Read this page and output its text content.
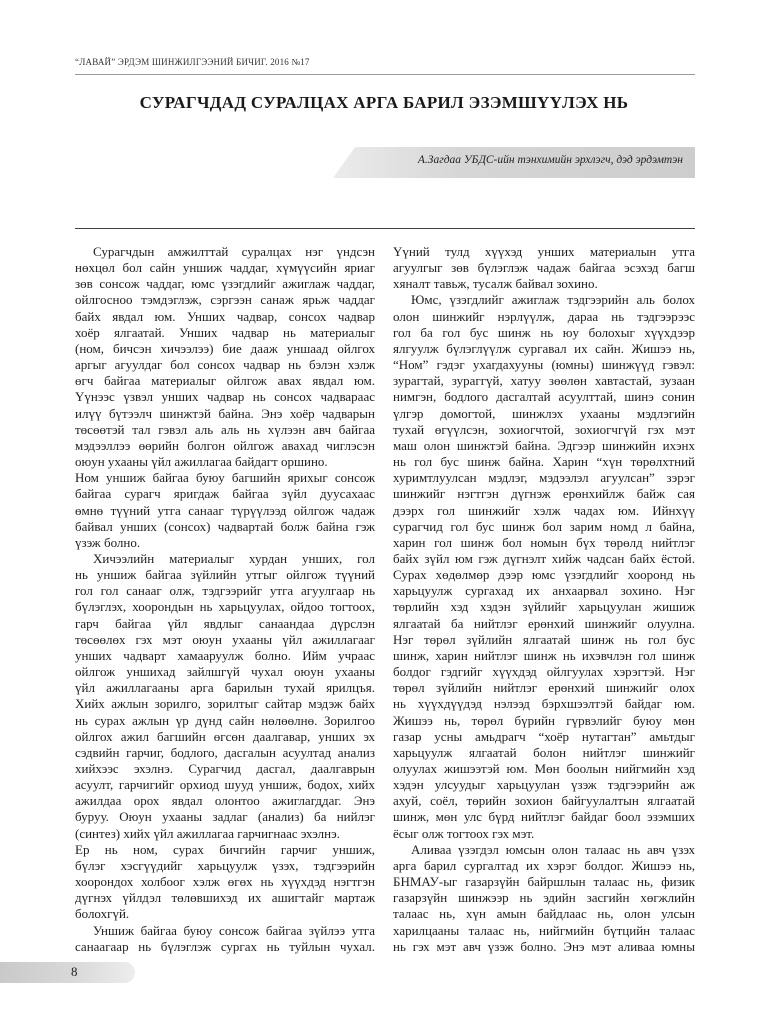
“ЛАВАЙ” ЭРДЭМ ШИНЖИЛГЭЭНИЙ БИЧИГ. 2016 №17
СУРАГЧДАД СУРАЛЦАХ АРГА БАРИЛ ЭЗЭМШҮҮЛЭХ НЬ
А.Загдаа УБДС-ийн тэнхимийн эрхлэгч, дэд эрдэмтэн
Сурагчдын амжилттай суралцах нэг үндсэн
нөхцөл бол сайн уншиж чаддаг, хүмүүсийн яриаг
зөв сонсож чаддаг, юмс үзэгдлийг ажиглаж чаддаг,
ойлгосноо тэмдэглэж, сэргээн санаж ярьж чаддаг
байх явдал юм. Унших чадвар, сонсох чадвар
хоёр ялгаатай. Унших чадвар нь материалыг
(ном, бичсэн хичээлээ) бие дааж уншаад ойлгох
аргыг агуулдаг бол сонсох чадвар нь бэлэн хэлж
өгч байгаа материалыг ойлгож авах явдал юм.
Үүнээс үзвэл унших чадвар нь сонсох чадвараас
илүү бүтээлч шинжтэй байна. Энэ хоёр чадварын
төсөөтэй тал гэвэл аль аль нь хүлээн авч байгаа
мэдээллээ өөрийн болгон ойлгож авахад чиглэсэн
оюун ухааны үйл ажиллагаа байдагт оршино.
Ном уншиж байгаа буюу багшийн ярихыг сонсож
байгаа сурагч яригдаж байгаа зүйл дуусахаас
өмнө түүний утга санааг түрүүлээд ойлгож чадаж
байвал унших (сонсох) чадвартай болж байна гэж
үзэж болно.
Хичээлийн материалыг хурдан унших, гол
нь уншиж байгаа зүйлийн утгыг ойлгож түүний
гол гол санааг олж, тэдгээрийг утга агуулгаар нь
бүлэглэх, хоорондын нь харьцуулах, ойдоо тогтоох,
гарч байгаа үйл явдлыг санаандаа дүрслэн
төсөөлөх гэх мэт оюун ухааны үйл ажиллагааг
унших чадварт хамааруулж болно. Ийм учраас
ойлгож уншихад зайлшгүй чухал оюун ухааны
үйл ажиллагааны арга барилын тухай ярилцъя.
Хийх ажлын зорилго, зорилтыг сайтар мэдэж байх
нь сурах ажлын үр дүнд сайн нөлөөлнө. Зорилгоо
ойлгох ажил багшийн өгсөн даалгавар, унших эх
сэдвийн гарчиг, бодлого, дасгалын асуултад анализ
хийхээс эхэлнэ. Сурагчид дасгал, даалгаврын
асуулт, гарчигийг орхиод шууд уншиж, бодох, хийх
ажилдаа орох явдал олонтоо ажиглагддаг. Энэ
буруу. Оюун ухааны задлаг (анализ) ба нийлэг
(синтез) хийх үйл ажиллагаа гарчигнаас эхэлнэ.
Ер нь ном, сурах бичгийн гарчиг уншиж,
бүлэг хэсгүүдийг харьцуулж үзэх, тэдгээрийн
хоорондох холбоог хэлж өгөх нь хүүхдэд нэгтгэн
дүгнэх үйлдэл төлөвшихэд их ашигтайг мартаж
болохгүй.
Уншиж байгаа буюу сонсож байгаа зүйлээ утга
санаагаар нь бүлэглэж сургах нь туйлын чухал.
Үүний тулд хүүхэд унших материалын утга
агуулгыг зөв бүлэглэж чадаж байгаа эсэхэд багш
хяналт тавьж, тусалж байвал зохино.
Юмс, үзэгдлийг ажиглаж тэдгээрийн аль болох
олон шинжийг нэрлүүлж, дараа нь тэдгээрээс
гол ба гол бус шинж нь юу болохыг хүүхдээр
ялгуулж бүлэглүүлж сургавал их сайн. Жишээ нь,
“Ном” гэдэг ухагдахууны (юмны) шинжүүд гэвэл:
зурагтай, зураггүй, хатуу зөөлөн хавтастай, зузаан
нимгэн, бодлого дасгалтай асуулттай, шинэ сонин
үлгэр домогтой, шинжлэх ухааны мэдлэгийн
тухай өгүүлсэн, зохиогчтой, зохиогчгүй гэх мэт
маш олон шинжтэй байна. Эдгээр шинжийн ихэнх
нь гол бус шинж байна. Харин “хүн төрөлхтний
хуримтлуулсан мэдлэг, мэдээлэл агуулсан” зэрэг
шинжийг нэгтгэн дүгнэж ерөнхийлж байж сая
дээрх гол шинжийг хэлж чадах юм. Ийнхүү
сурагчид гол бус шинж бол зарим номд л байна,
харин гол шинж бол номын бүх төрөлд нийтлэг
байх зүйл юм гэж дүгнэлт хийж чадсан байх ёстой.
Сурах хөдөлмөр дээр юмс үзэгдлийг хооронд нь
харьцуулж сургахад их анхаарвал зохино. Нэг
төрлийн хэд хэдэн зүйлийг харьцуулан жишиж
ялгаатай ба нийтлэг ерөнхий шинжийг олуулна.
Нэг төрөл зүйлийн ялгаатай шинж нь гол бус
шинж, харин нийтлэг шинж нь ихэвчлэн гол шинж
болдог гэдгийг хүүхдэд ойлгуулах хэрэгтэй. Нэг
төрөл зүйлийн нийтлэг ерөнхий шинжийг олох
нь хүүхдүүдэд нэлээд бэрхшээлтэй байдаг юм.
Жишээ нь, төрөл бүрийн гүрвэлийг буюу мөн
газар усны амьдрагч “хоёр нутагтан” амьтдыг
харьцуулж ялгаатай болон нийтлэг шинжийг
олуулах жишээтэй юм. Мөн боолын нийгмийн хэд
хэдэн улсуудыг харьцуулан үзэж тэдгээрийн аж
ахуй, соёл, төрийн зохион байгуулалтын ялгаатай
шинж, мөн улс бүрд нийтлэг байдаг боол эзэмших
ёсыг олж тогтоох гэх мэт.
Аливаа үзэгдэл юмсын олон талаас нь авч үзэх
арга барил сургалтад их хэрэг болдог. Жишээ нь,
БНМАУ-ыг газарзүйн байршлын талаас нь, физик
газарзүйн шинжээр нь эдийн засгийн хөгжлийн
талаас нь, хүн амын байдлаас нь, олон улсын
харилцааны талаас нь, нийгмийн бүтцийн талаас
нь гэх мэт авч үзэж болно. Энэ мэт аливаа юмны
8
